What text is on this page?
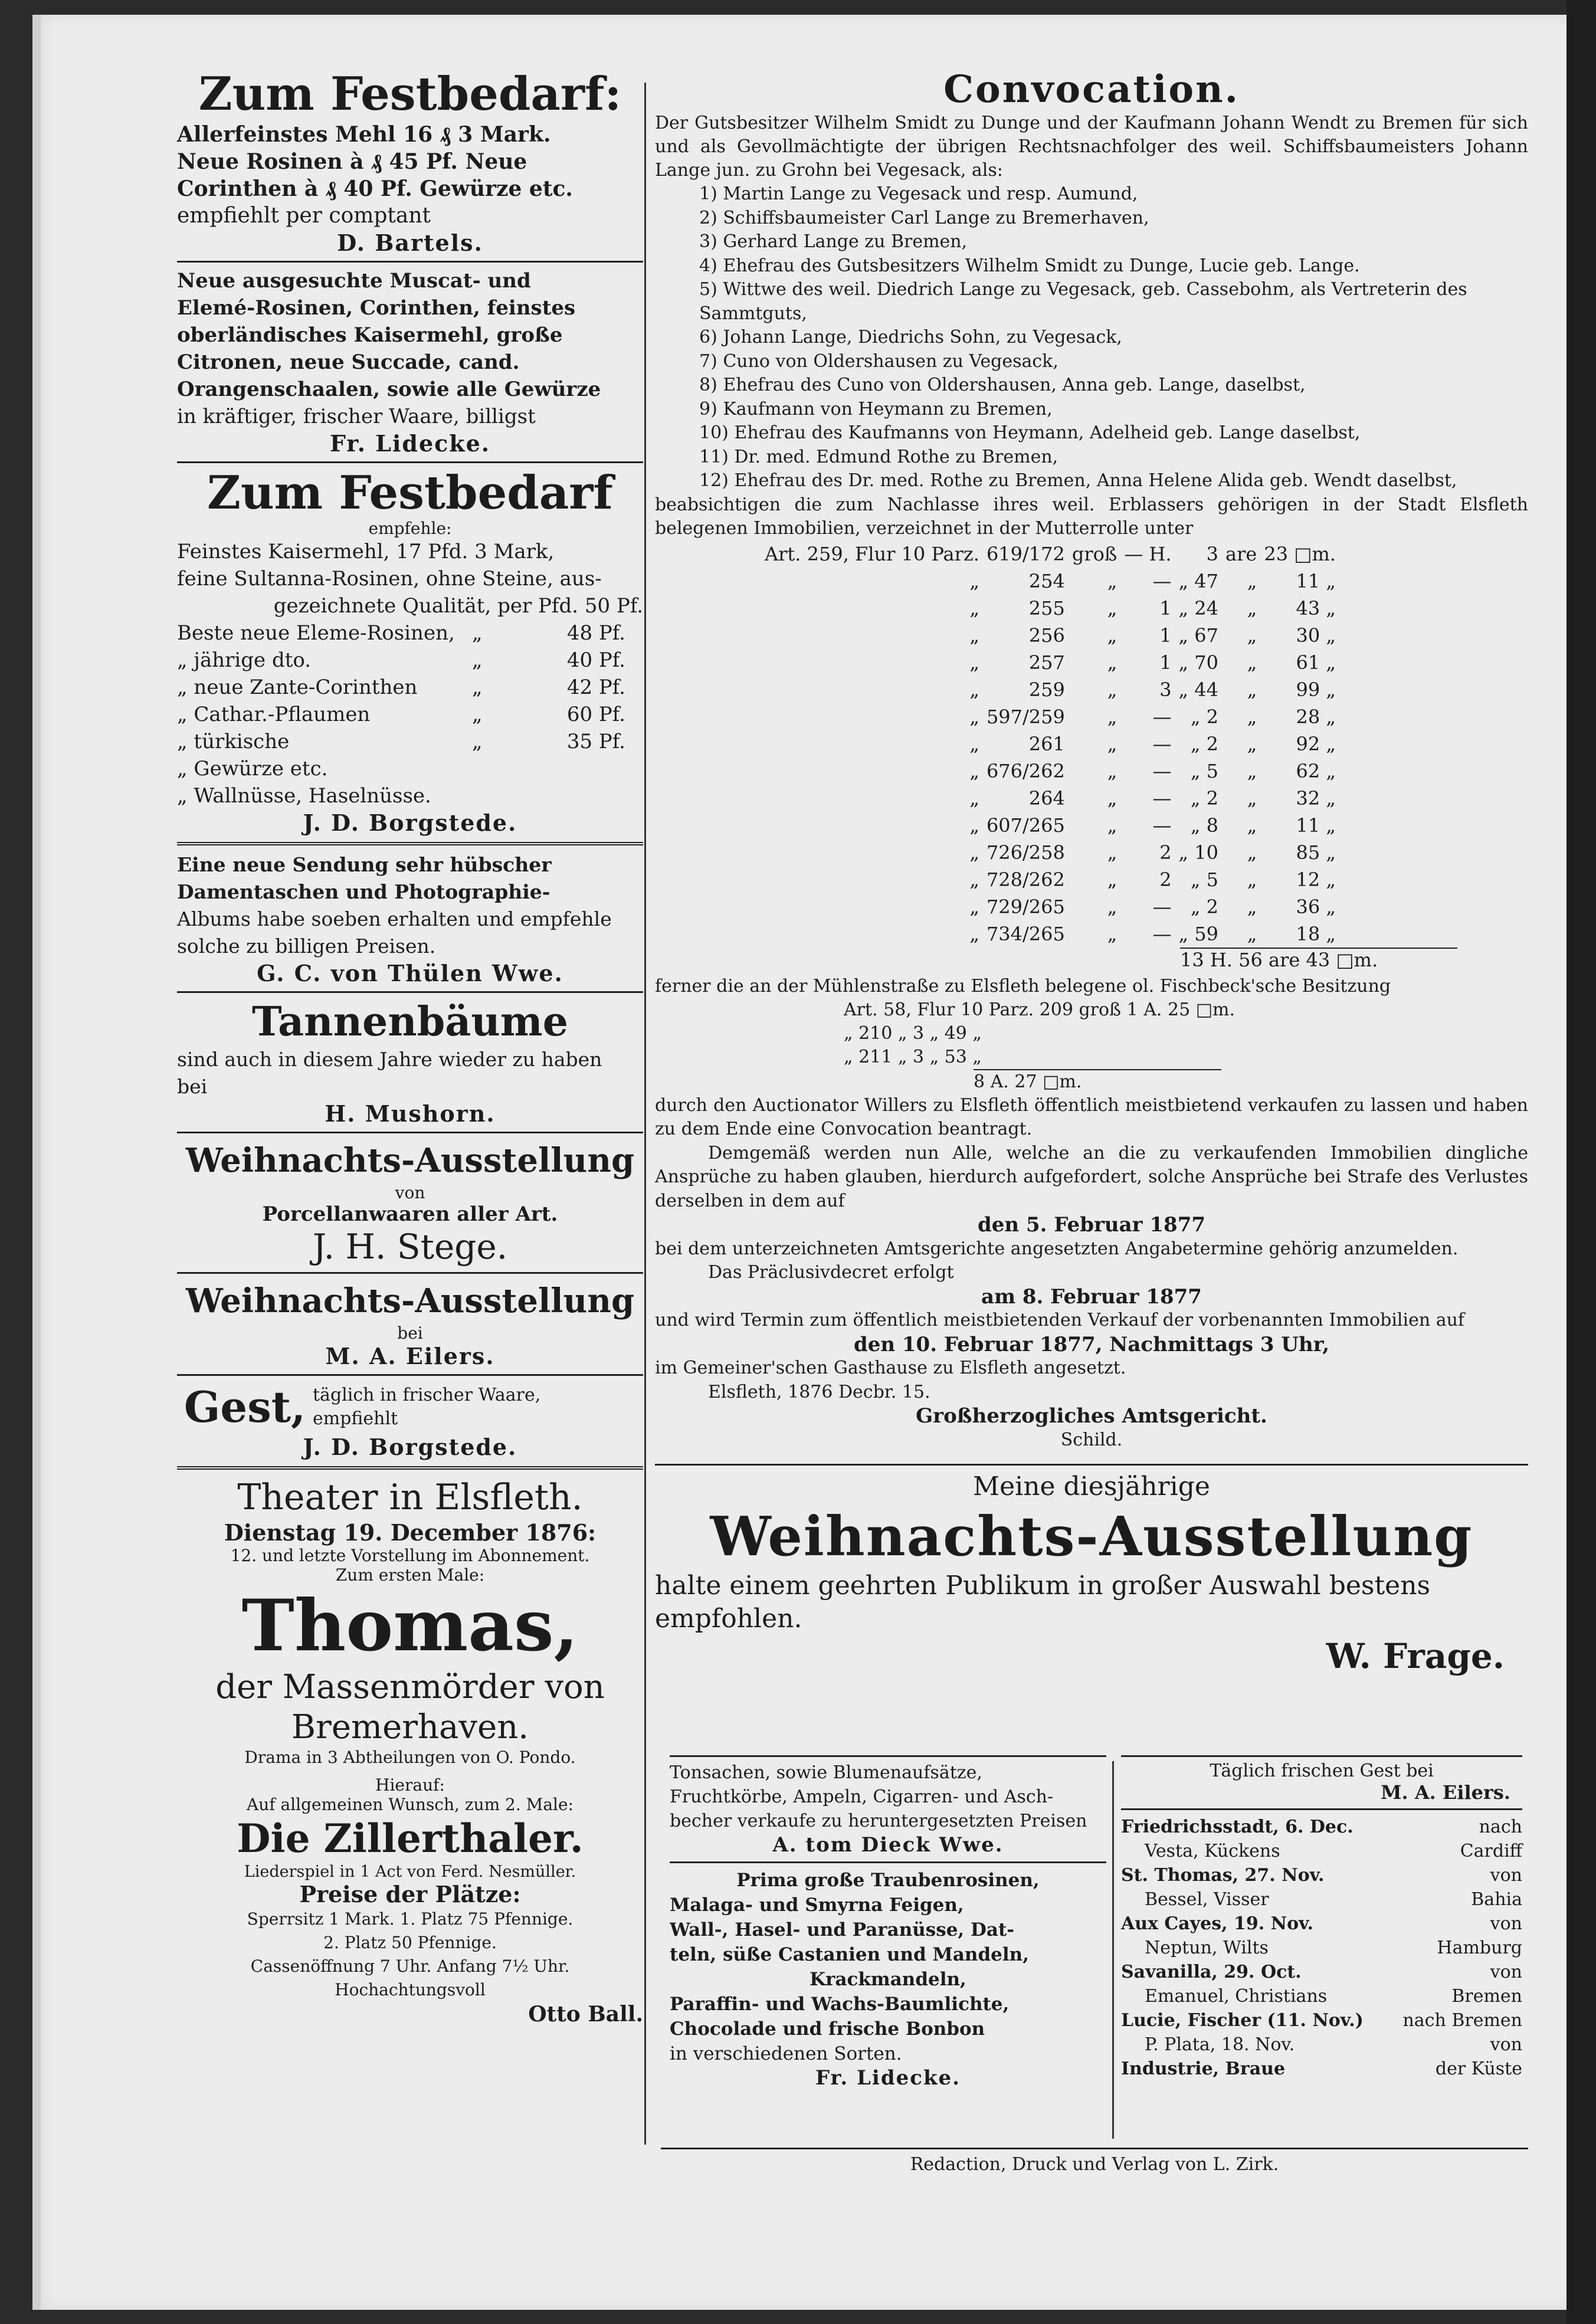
Zum Festbedarf:

Allerfeinstes Mehl 16 ₰ 3 Mark.

Neue Rosinen à ₰ 45 Pf. Neue

Corinthen à ₰ 40 Pf. Gewürze etc.

empfiehlt per comptant

D. Bartels.

Neue ausgesuchte Muscat- und

Elemé-Rosinen, Corinthen, feinstes

oberländisches Kaisermehl, große

Citronen, neue Succade, cand.

Orangenschaalen, sowie alle Gewürze

in kräftiger, frischer Waare, billigst

Fr. Lidecke.

Zum Festbedarf

empfehle:

Feinstes Kaisermehl, 17 Pfd. 3 Mark,

feine Sultanna-Rosinen, ohne Steine, aus-

gezeichnete Qualität, per Pfd. 50 Pf.

Beste neue Eleme-Rosinen, „	48 Pf.
„ jährige dto.	„	40 Pf.
„ neue Zante-Corinthen	„	42 Pf.
„ Cathar.-Pflaumen	„	60 Pf.
„ türkische	„	35 Pf.
„ Gewürze etc.
„ Wallnüsse, Haselnüsse.

J. D. Borgstede.

Eine neue Sendung sehr hübscher

Damentaschen und Photographie-

Albums habe soeben erhalten und empfehle

solche zu billigen Preisen.

G. C. von Thülen Wwe.

Tannenbäume

sind auch in diesem Jahre wieder zu haben

bei

H. Mushorn.

Weihnachts-Ausstellung

von

Porcellanwaaren aller Art.

J. H. Stege.

Weihnachts-Ausstellung

bei

M. A. Eilers.

Gest, täglich in frischer Waare,

empfiehlt

J. D. Borgstede.

Theater in Elsfleth.

Dienstag 19. December 1876:

12. und letzte Vorstellung im Abonnement.

Zum ersten Male:

Thomas,

der Massenmörder von

Bremerhaven.

Drama in 3 Abtheilungen von O. Pondo.

Hierauf:

Auf allgemeinen Wunsch, zum 2. Male:

Die Zillerthaler.

Liederspiel in 1 Act von Ferd. Nesmüller.

Preise der Plätze:

Sperrsitz 1 Mark. 1. Platz 75 Pfennige.

2. Platz 50 Pfennige.

Cassenöffnung 7 Uhr. Anfang 7½ Uhr.

Hochachtungsvoll

Otto Ball.

Convocation.

Der Gutsbesitzer Wilhelm Smidt zu Dunge und der Kaufmann Johann Wendt zu Bremen für sich und als Gevollmächtigte der übrigen Rechtsnachfolger des weil. Schiffsbaumeisters Johann Lange jun. zu Grohn bei Vegesack, als:

1) Martin Lange zu Vegesack und resp. Aumund,

2) Schiffsbaumeister Carl Lange zu Bremerhaven,

3) Gerhard Lange zu Bremen,

4) Ehefrau des Gutsbesitzers Wilhelm Smidt zu Dunge, Lucie geb. Lange.

5) Wittwe des weil. Diedrich Lange zu Vegesack, geb. Cassebohm, als Vertreterin des Sammtguts,

6) Johann Lange, Diedrichs Sohn, zu Vegesack,

7) Cuno von Oldershausen zu Vegesack,

8) Ehefrau des Cuno von Oldershausen, Anna geb. Lange, daselbst,

9) Kaufmann von Heymann zu Bremen,

10) Ehefrau des Kaufmanns von Heymann, Adelheid geb. Lange daselbst,

11) Dr. med. Edmund Rothe zu Bremen,

12) Ehefrau des Dr. med. Rothe zu Bremen, Anna Helene Alida geb. Wendt daselbst,

beabsichtigen die zum Nachlasse ihres weil. Erblassers gehörigen in der Stadt Elsfleth belegenen Immobilien, verzeichnet in der Mutterrolle unter

Art. 259, Flur 10 Parz.	619/172	groß	— H.	3	are	23 □m.
„	254	„	—	„ 47	„	11 „
„	255	„	1	„ 24	„	43 „
„	256	„	1	„ 67	„	30 „
„	257	„	1	„ 70	„	61 „
„	259	„	3	„ 44	„	99 „
„	597/259	„	—	„ 2	„	28 „
„	261	„	—	„ 2	„	92 „
„	676/262	„	—	„ 5	„	62 „
„	264	„	—	„ 2	„	32 „
„	607/265	„	—	„ 8	„	11 „
„	726/258	„	2	„ 10	„	85 „
„	728/262	„	2	„ 5	„	12 „
„	729/265	„	—	„ 2	„	36 „
„	734/265	„	—	„ 59	„	18 „

13 H. 56 are 43 □m.

ferner die an der Mühlenstraße zu Elsfleth belegene ol. Fischbeck'sche Besitzung

Art. 58, Flur 10 Parz. 209 groß 1 A. 25 □m.

„ 210 „ 3 „ 49 „

„ 211 „ 3 „ 53 „

8 A. 27 □m.

durch den Auctionator Willers zu Elsfleth öffentlich meistbietend verkaufen zu lassen und haben zu dem Ende eine Convocation beantragt.

Demgemäß werden nun Alle, welche an die zu verkaufenden Immobilien dingliche Ansprüche zu haben glauben, hierdurch aufgefordert, solche Ansprüche bei Strafe des Verlustes derselben in dem auf

den 5. Februar 1877

bei dem unterzeichneten Amtsgerichte angesetzten Angabetermine gehörig anzumelden.

Das Präclusivdecret erfolgt

am 8. Februar 1877

und wird Termin zum öffentlich meistbietenden Verkauf der vorbenannten Immobilien auf

den 10. Februar 1877, Nachmittags 3 Uhr,

im Gemeiner'schen Gasthause zu Elsfleth angesetzt.

Elsfleth, 1876 Decbr. 15.

Großherzogliches Amtsgericht.

Schild.

Meine diesjährige

Weihnachts-Ausstellung

halte einem geehrten Publikum in großer Auswahl bestens empfohlen.

W. Frage.

Tonsachen, sowie Blumenaufsätze,

Fruchtkörbe, Ampeln, Cigarren- und Asch-

becher verkaufe zu heruntergesetzten Preisen

A. tom Dieck Wwe.

Prima große Traubenrosinen,

Malaga- und Smyrna Feigen,

Wall-, Hasel- und Paranüsse, Dat-

teln, süße Castanien und Mandeln,

Krackmandeln,

Paraffin- und Wachs-Baumlichte,

Chocolade und frische Bonbon

in verschiedenen Sorten.

Fr. Lidecke.

Täglich frischen Gest bei

M. A. Eilers.

Friedrichsstadt, 6. Dec.	nach
Vesta, Kückens	Cardiff
St. Thomas, 27. Nov.	von
Bessel, Visser	Bahia
Aux Cayes, 19. Nov.	von
Neptun, Wilts	Hamburg
Savanilla, 29. Oct.	von
Emanuel, Christians	Bremen
Lucie, Fischer (11. Nov.) nach Bremen
P. Plata, 18. Nov.	von
Industrie, Braue	der Küste
Redaction, Druck und Verlag von L. Zirk.
